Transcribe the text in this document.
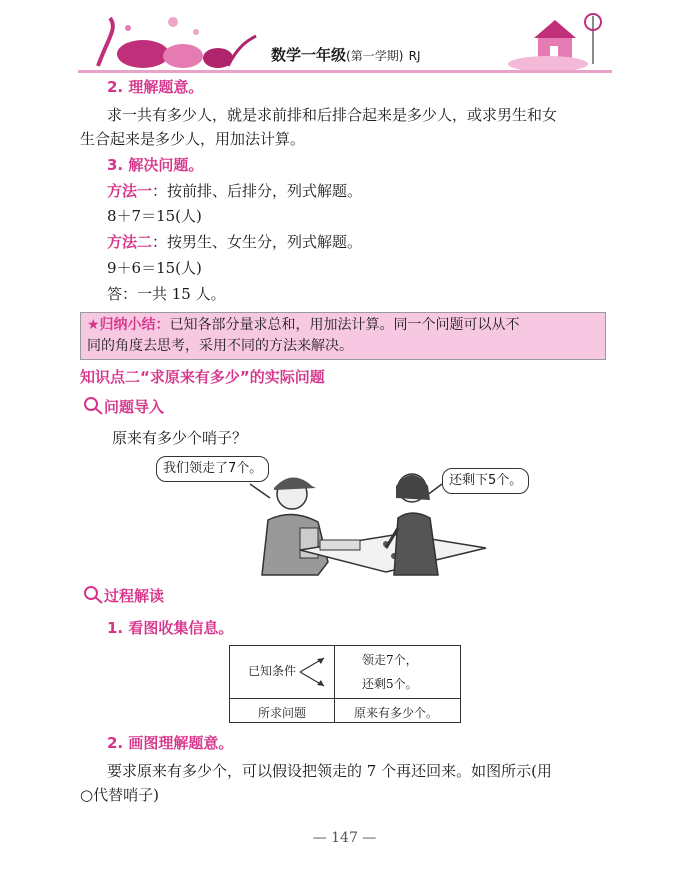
数学一年级(第一学期) RJ
2. 理解题意。
求一共有多少人，就是求前排和后排合起来是多少人，或求男生和女
生合起来是多少人，用加法计算。
3. 解决问题。
方法一：按前排、后排分，列式解题。
8＋7＝15(人)
方法二：按男生、女生分，列式解题。
9＋6＝15(人)
答：一共 15 人。
★归纳小结：已知各部分量求总和，用加法计算。同一个问题可以从不
同的角度去思考，采用不同的方法来解决。
知识点二“求原来有多少”的实际问题
问题导入
原来有多少个哨子？
我们领走了7个。
还剩下5个。
过程解读
1. 看图收集信息。
已知条件
领走7个，
还剩5个。
所求问题	原来有多少个。
2. 画图理解题意。
要求原来有多少个，可以假设把领走的 7 个再还回来。如图所示(用
○代替哨子)
— 147 —
